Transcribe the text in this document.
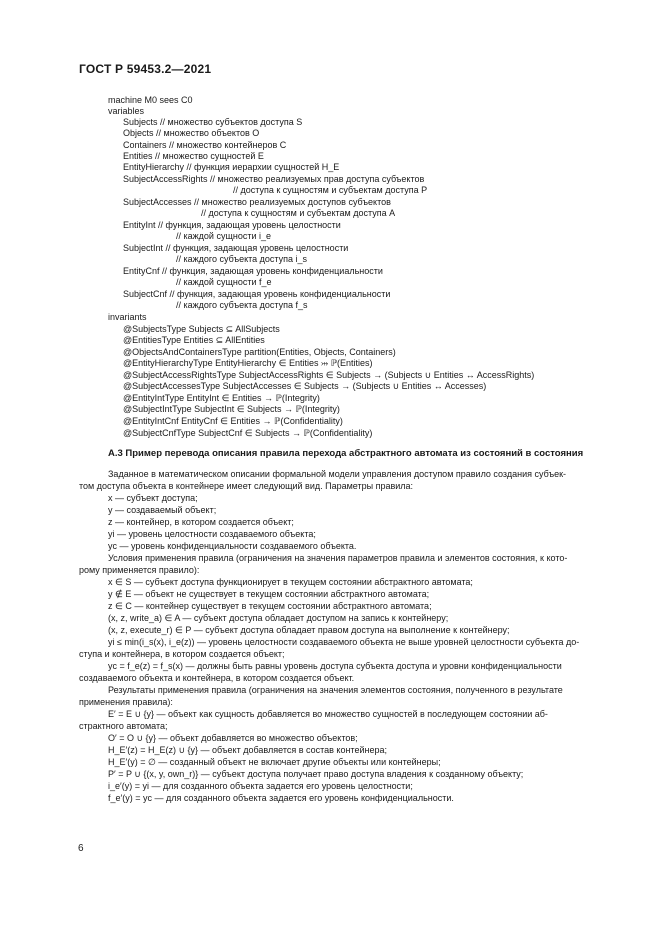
ГОСТ Р 59453.2—2021
machine M0 sees C0
variables
Subjects // множество субъектов доступа S
Objects // множество объектов O
Containers // множество контейнеров C
Entities // множество сущностей E
EntityHierarchy // функция иерархии сущностей H_E
SubjectAccessRights // множество реализуемых прав доступа субъектов
// доступа к сущностям и субъектам доступа P
SubjectAccesses // множество реализуемых доступов субъектов
// доступа к сущностям и субъектам доступа A
EntityInt // функция, задающая уровень целостности
// каждой сущности i_e
SubjectInt // функция, задающая уровень целостности
// каждого субъекта доступа i_s
EntityCnf // функция, задающая уровень конфиденциальности
// каждой сущности f_e
SubjectCnf // функция, задающая уровень конфиденциальности
// каждого субъекта доступа f_s
invariants
@SubjectsType Subjects ⊆ AllSubjects
@EntitiesType Entities ⊆ AllEntities
@ObjectsAndContainersType partition(Entities, Objects, Containers)
@EntityHierarchyType EntityHierarchy ∈ Entities ⤔ ℙ(Entities)
@SubjectAccessRightsType SubjectAccessRights ∈ Subjects → (Subjects ∪ Entities ↔ AccessRights)
@SubjectAccessesType SubjectAccesses ∈ Subjects → (Subjects ∪ Entities ↔ Accesses)
@EntityIntType EntityInt ∈ Entities → ℙ(Integrity)
@SubjectIntType SubjectInt ∈ Subjects → ℙ(Integrity)
@EntityIntCnf EntityCnf ∈ Entities → ℙ(Confidentiality)
@SubjectCnfType SubjectCnf ∈ Subjects → ℙ(Confidentiality)
А.3 Пример перевода описания правила перехода абстрактного автомата из состояний в состояния
Заданное в математическом описании формальной модели управления доступом правило создания субъек-
том доступа объекта в контейнере имеет следующий вид. Параметры правила:
x — субъект доступа;
y — создаваемый объект;
z — контейнер, в котором создается объект;
yi — уровень целостности создаваемого объекта;
yc — уровень конфиденциальности создаваемого объекта.
Условия применения правила (ограничения на значения параметров правила и элементов состояния, к кото-
рому применяется правило):
x ∈ S — субъект доступа функционирует в текущем состоянии абстрактного автомата;
y ∉ E — объект не существует в текущем состоянии абстрактного автомата;
z ∈ C — контейнер существует в текущем состоянии абстрактного автомата;
(x, z, write_a) ∈ A — субъект доступа обладает доступом на запись к контейнеру;
(x, z, execute_r) ∈ P — субъект доступа обладает правом доступа на выполнение к контейнеру;
yi ≤ min(i_s(x), i_e(z)) — уровень целостности создаваемого объекта не выше уровней целостности субъекта до-
ступа и контейнера, в котором создается объект;
yc = f_e(z) = f_s(x) — должны быть равны уровень доступа субъекта доступа и уровни конфиденциальности
создаваемого объекта и контейнера, в котором создается объект.
Результаты применения правила (ограничения на значения элементов состояния, полученного в результате
применения правила):
E′ = E ∪ {y} — объект как сущность добавляется во множество сущностей в последующем состоянии аб-
страктного автомата;
O′ = O ∪ {y} — объект добавляется во множество объектов;
H_E′(z) = H_E(z) ∪ {y} — объект добавляется в состав контейнера;
H_E′(y) = ∅ — созданный объект не включает другие объекты или контейнеры;
P′ = P ∪ {(x, y, own_r)} — субъект доступа получает право доступа владения к созданному объекту;
i_e′(y) = yi — для созданного объекта задается его уровень целостности;
f_e′(y) = yc — для созданного объекта задается его уровень конфиденциальности.
6
